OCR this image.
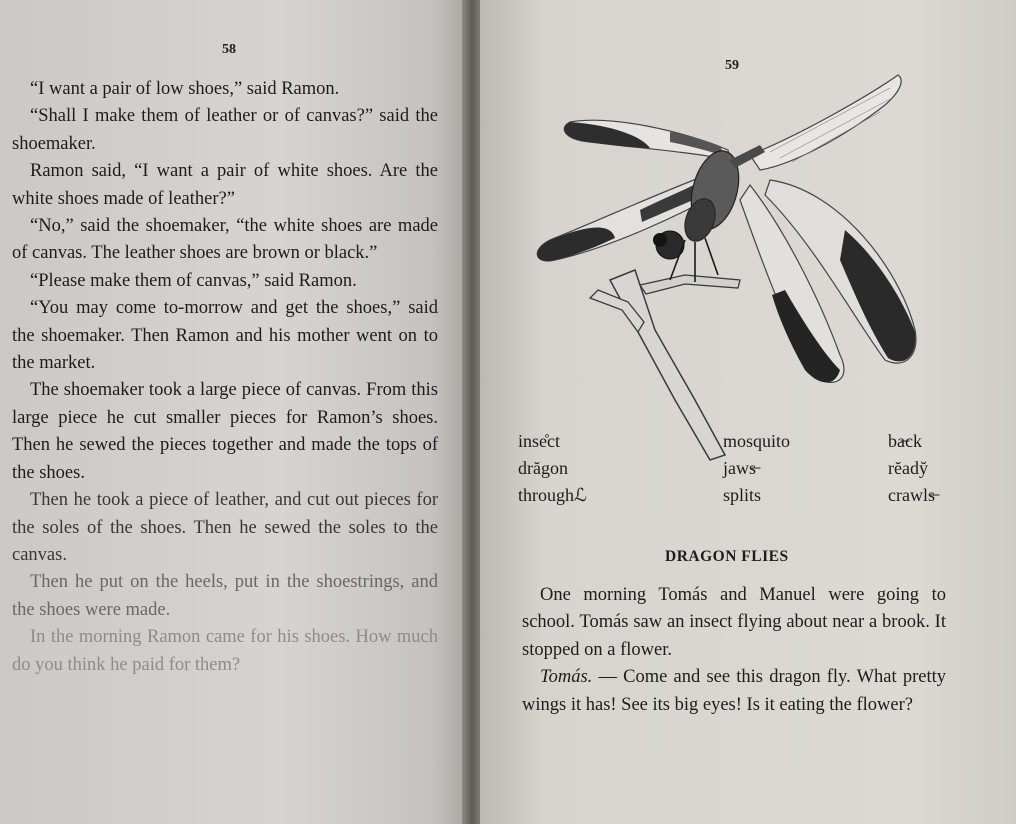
58

“I want a pair of low shoes,” said Ramon.

“Shall I make them of leather or of canvas?” said the shoemaker.

Ramon said, “I want a pair of white shoes. Are the white shoes made of leather?”

“No,” said the shoemaker, “the white shoes are made of canvas. The leather shoes are brown or black.”

“Please make them of canvas,” said Ramon.

“You may come to-morrow and get the shoes,” said the shoemaker. Then Ramon and his mother went on to the market.

The shoemaker took a large piece of canvas. From this large piece he cut smaller pieces for Ramon’s shoes. Then he sewed the pieces together and made the tops of the shoes.

Then he took a piece of leather, and cut out pieces for the soles of the shoes. Then he sewed the soles to the canvas.

Then he put on the heels, put in the shoestrings, and the shoes were made.

In the morning Ramon came for his shoes. How much do you think he paid for them?

59
inse̊ct	mosquito	ba̶ck
drăgon	jaws̶	rĕady̆
throughℒ	splits	crawls̶
DRAGON FLIES

One morning Tomás and Manuel were going to school. Tomás saw an insect flying about near a brook. It stopped on a flower.

Tomás. — Come and see this dragon fly. What pretty wings it has! See its big eyes! Is it eating the flower?
